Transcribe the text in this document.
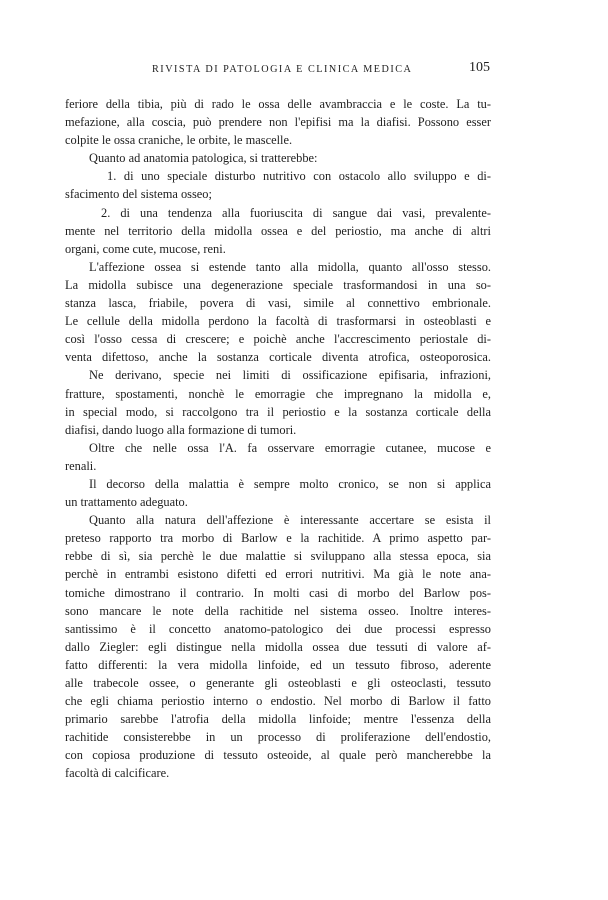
RIVISTA DI PATOLOGIA E CLINICA MEDICA	105
feriore della tibia, più di rado le ossa delle avambraccia e le coste. La tu-
mefazione, alla coscia, può prendere non l'epifisi ma la diafisi. Possono esser
colpite le ossa craniche, le orbite, le mascelle.
Quanto ad anatomia patologica, si tratterebbe:
1. di uno speciale disturbo nutritivo con ostacolo allo sviluppo e di-
sfacimento del sistema osseo;
2. di una tendenza alla fuoriuscita di sangue dai vasi, prevalente-
mente nel territorio della midolla ossea e del periostio, ma anche di altri
organi, come cute, mucose, reni.
L'affezione ossea si estende tanto alla midolla, quanto all'osso stesso.
La midolla subisce una degenerazione speciale trasformandosi in una so-
stanza lasca, friabile, povera di vasi, simile al connettivo embrionale.
Le cellule della midolla perdono la facoltà di trasformarsi in osteoblasti e
così l'osso cessa di crescere; e poichè anche l'accrescimento periostale di-
venta difettoso, anche la sostanza corticale diventa atrofica, osteoporosica.
Ne derivano, specie nei limiti di ossificazione epifisaria, infrazioni,
fratture, spostamenti, nonchè le emorragie che impregnano la midolla e,
in special modo, si raccolgono tra il periostio e la sostanza corticale della
diafisi, dando luogo alla formazione di tumori.
Oltre che nelle ossa l'A. fa osservare emorragie cutanee, mucose e
renali.
Il decorso della malattia è sempre molto cronico, se non si applica
un trattamento adeguato.
Quanto alla natura dell'affezione è interessante accertare se esista il
preteso rapporto tra morbo di Barlow e la rachitide. A primo aspetto par-
rebbe di sì, sia perchè le due malattie si sviluppano alla stessa epoca, sia
perchè in entrambi esistono difetti ed errori nutritivi. Ma già le note ana-
tomiche dimostrano il contrario. In molti casi di morbo del Barlow pos-
sono mancare le note della rachitide nel sistema osseo. Inoltre interes-
santissimo è il concetto anatomo-patologico dei due processi espresso
dallo Ziegler: egli distingue nella midolla ossea due tessuti di valore af-
fatto differenti: la vera midolla linfoide, ed un tessuto fibroso, aderente
alle trabecole ossee, o generante gli osteoblasti e gli osteoclasti, tessuto
che egli chiama periostio interno o endostio. Nel morbo di Barlow il fatto
primario sarebbe l'atrofia della midolla linfoide; mentre l'essenza della
rachitide consisterebbe in un processo di proliferazione dell'endostio,
con copiosa produzione di tessuto osteoide, al quale però mancherebbe la
facoltà di calcificare.
